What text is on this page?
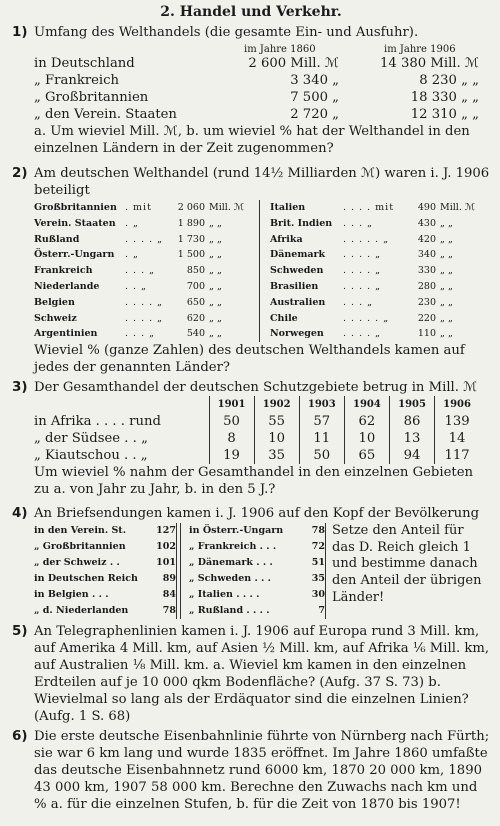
2. Handel und Verkehr.
1) Umfang des Welthandels (die gesamte Ein- und Ausfuhr).

im Jahre 1860	im Jahre 1906
in Deutschland	2 600 Mill. ℳ	14 380 Mill. ℳ
„ Frankreich	3 340 „	8 230 „ „
„ Großbritannien	7 500 „	18 330 „ „
„ den Verein. Staaten	2 720 „	12 310 „ „

a. Um wieviel Mill. ℳ, b. um wieviel % hat der Welthandel in den einzelnen Ländern in der Zeit zugenommen?

2) Am deutschen Welthandel (rund 14½ Milliarden ℳ) waren i. J. 1906 beteiligt

Großbritannien	. mit	2 060	Mill. ℳ
Verein. Staaten	. „	1 890	„ „
Rußland	. . . . „	1 730	„ „
Österr.-Ungarn	. „	1 500	„ „
Frankreich	. . . „	850	„ „
Niederlande	. . „	700	„ „
Belgien	. . . . „	650	„ „
Schweiz	. . . . „	620	„ „
Argentinien	. . . „	540	„ „
Italien	. . . . mit	490	Mill. ℳ
Brit. Indien	. . . „	430	„ „
Afrika	. . . . . „	420	„ „
Dänemark	. . . . „	340	„ „
Schweden	. . . . „	330	„ „
Brasilien	. . . . „	280	„ „
Australien	. . . „	230	„ „
Chile	. . . . . „	220	„ „
Norwegen	. . . . „	110	„ „

Wieviel % (ganze Zahlen) des deutschen Welthandels kamen auf jedes der genannten Länder?

3) Der Gesamthandel der deutschen Schutzgebiete betrug in Mill. ℳ

	1901	1902	1903	1904	1905	1906
in Afrika . . . . rund	50	55	57	62	86	139
„ der Südsee . . „	8	10	11	10	13	14
„ Kiautschou . . „	19	35	50	65	94	117

Um wieviel % nahm der Gesamthandel in den einzelnen Gebieten zu a. von Jahr zu Jahr, b. in den 5 J.?

4) An Briefsendungen kamen i. J. 1906 auf den Kopf der Bevölkerung

in den Verein. St.	127
„ Großbritannien	102
„ der Schweiz . .	101
in Deutschen Reich	89
in Belgien . . .	84
„ d. Niederlanden	78
in Österr.-Ungarn	78
„ Frankreich . . .	72
„ Dänemark . . .	51
„ Schweden . . .	35
„ Italien . . . .	30
„ Rußland . . . .	7
Setze den Anteil für das D. Reich gleich 1 und bestimme danach den Anteil der übrigen Länder!
5) An Telegraphenlinien kamen i. J. 1906 auf Europa rund 3 Mill. km, auf Amerika 4 Mill. km, auf Asien ½ Mill. km, auf Afrika ⅙ Mill. km, auf Australien ⅛ Mill. km. a. Wieviel km kamen in den einzelnen Erdteilen auf je 10 000 qkm Bodenfläche? (Aufg. 37 S. 73) b. Wievielmal so lang als der Erdäquator sind die einzelnen Linien? (Aufg. 1 S. 68)

6) Die erste deutsche Eisenbahnlinie führte von Nürnberg nach Fürth; sie war 6 km lang und wurde 1835 eröffnet. Im Jahre 1860 umfaßte das deutsche Eisenbahnnetz rund 6000 km, 1870 20 000 km, 1890 43 000 km, 1907 58 000 km. Berechne den Zuwachs nach km und % a. für die einzelnen Stufen, b. für die Zeit von 1870 bis 1907!
